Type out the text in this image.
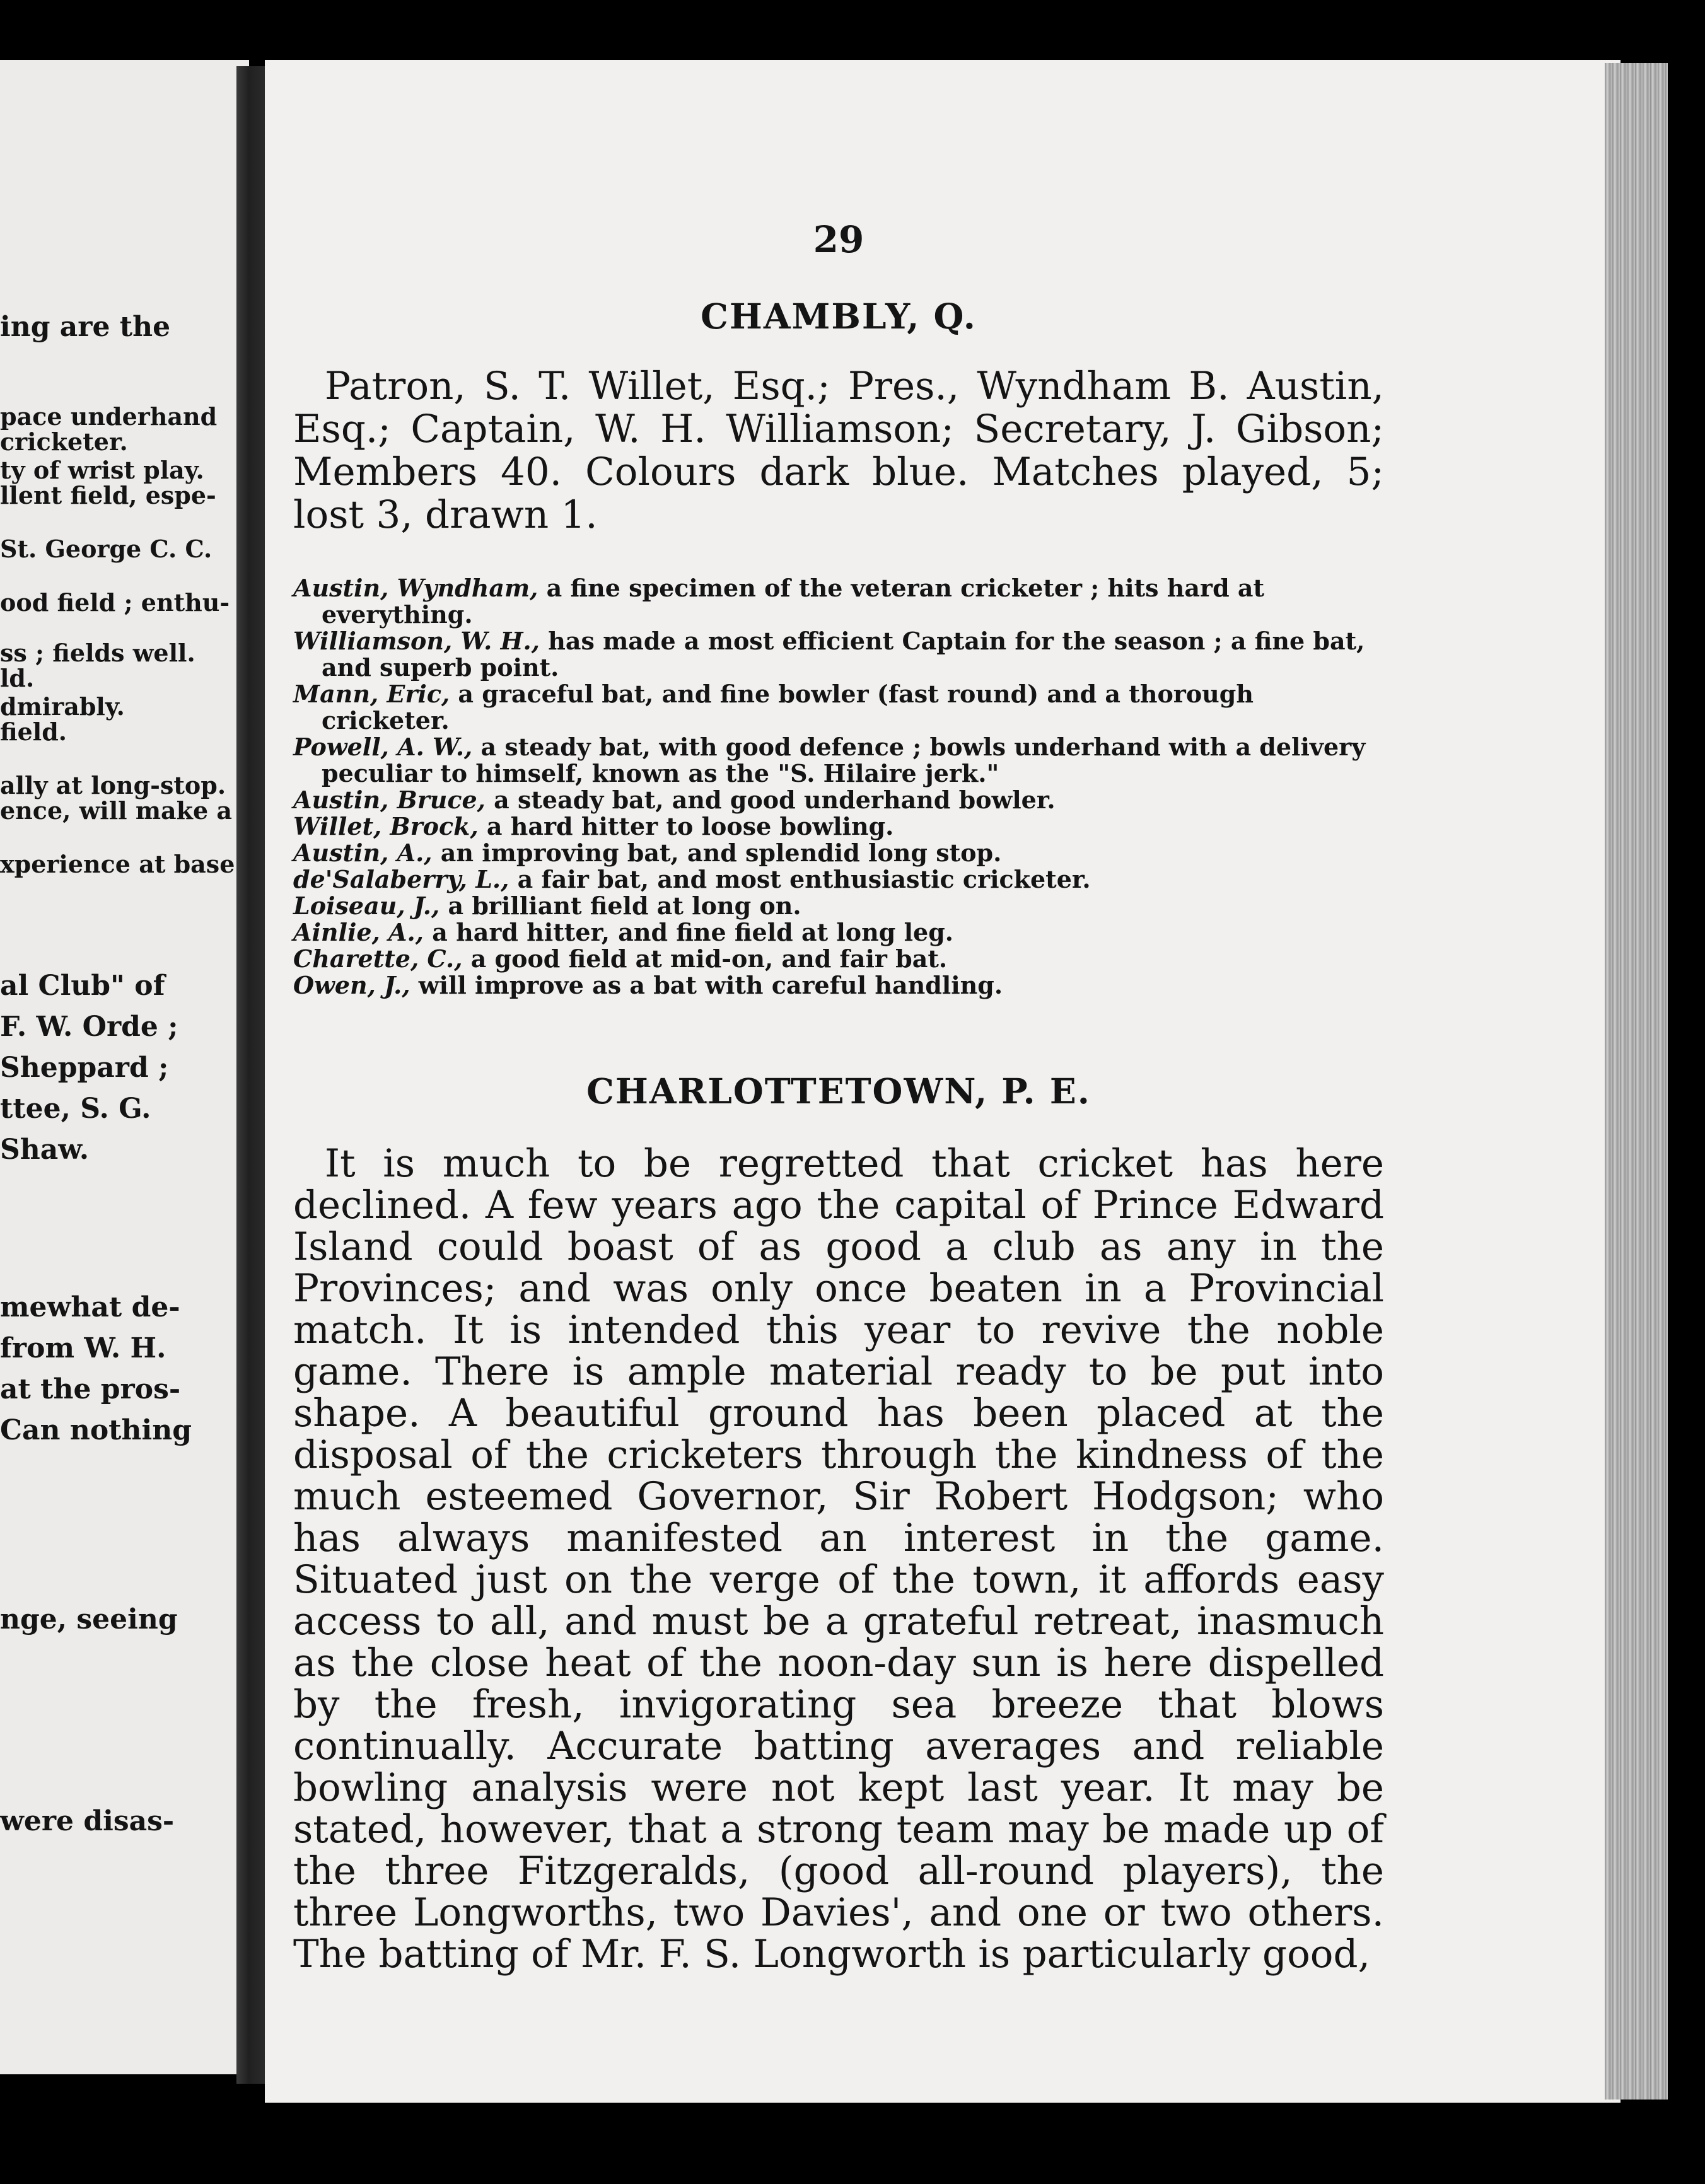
ing are the
pace underhand
cricketer.
ty of wrist play.
llent field, espe-
St. George C. C.
ood field ; enthu-
ss ; fields well.
ld.
dmirably.
field.
ally at long-stop.
ence, will make a
xperience at base
al Club" of
F. W. Orde ;
Sheppard ;
ttee, S. G.
Shaw.
mewhat de-
from W. H.
at the pros-
Can nothing
nge, seeing
were disas-
29
CHAMBLY, Q.

Patron, S. T. Willet, Esq.; Pres., Wyndham B. Austin, Esq.; Captain, W. H. Williamson; Secretary, J. Gibson; Members 40. Colours dark blue. Matches played, 5; lost 3, drawn 1.

Austin, Wyndham, a fine specimen of the veteran cricketer ; hits hard at everything.
Williamson, W. H., has made a most efficient Captain for the season ; a fine bat, and superb point.
Mann, Eric, a graceful bat, and fine bowler (fast round) and a thorough cricketer.
Powell, A. W., a steady bat, with good defence ; bowls underhand with a delivery peculiar to himself, known as the "S. Hilaire jerk."
Austin, Bruce, a steady bat, and good underhand bowler.
Willet, Brock, a hard hitter to loose bowling.
Austin, A., an improving bat, and splendid long stop.
de'Salaberry, L., a fair bat, and most enthusiastic cricketer.
Loiseau, J., a brilliant field at long on.
Ainlie, A., a hard hitter, and fine field at long leg.
Charette, C., a good field at mid-on, and fair bat.
Owen, J., will improve as a bat with careful handling.
CHARLOTTETOWN, P. E.

It is much to be regretted that cricket has here declined. A few years ago the capital of Prince Edward Island could boast of as good a club as any in the Provinces; and was only once beaten in a Provincial match. It is intended this year to revive the noble game. There is ample material ready to be put into shape. A beautiful ground has been placed at the disposal of the cricketers through the kindness of the much esteemed Governor, Sir Robert Hodgson; who has always manifested an interest in the game. Situated just on the verge of the town, it affords easy access to all, and must be a grateful retreat, inasmuch as the close heat of the noon-day sun is here dispelled by the fresh, invigorating sea breeze that blows continually. Accurate batting averages and reliable bowling analysis were not kept last year. It may be stated, however, that a strong team may be made up of the three Fitzgeralds, (good all-round players), the three Longworths, two Davies', and one or two others. The batting of Mr. F. S. Longworth is particularly good,
